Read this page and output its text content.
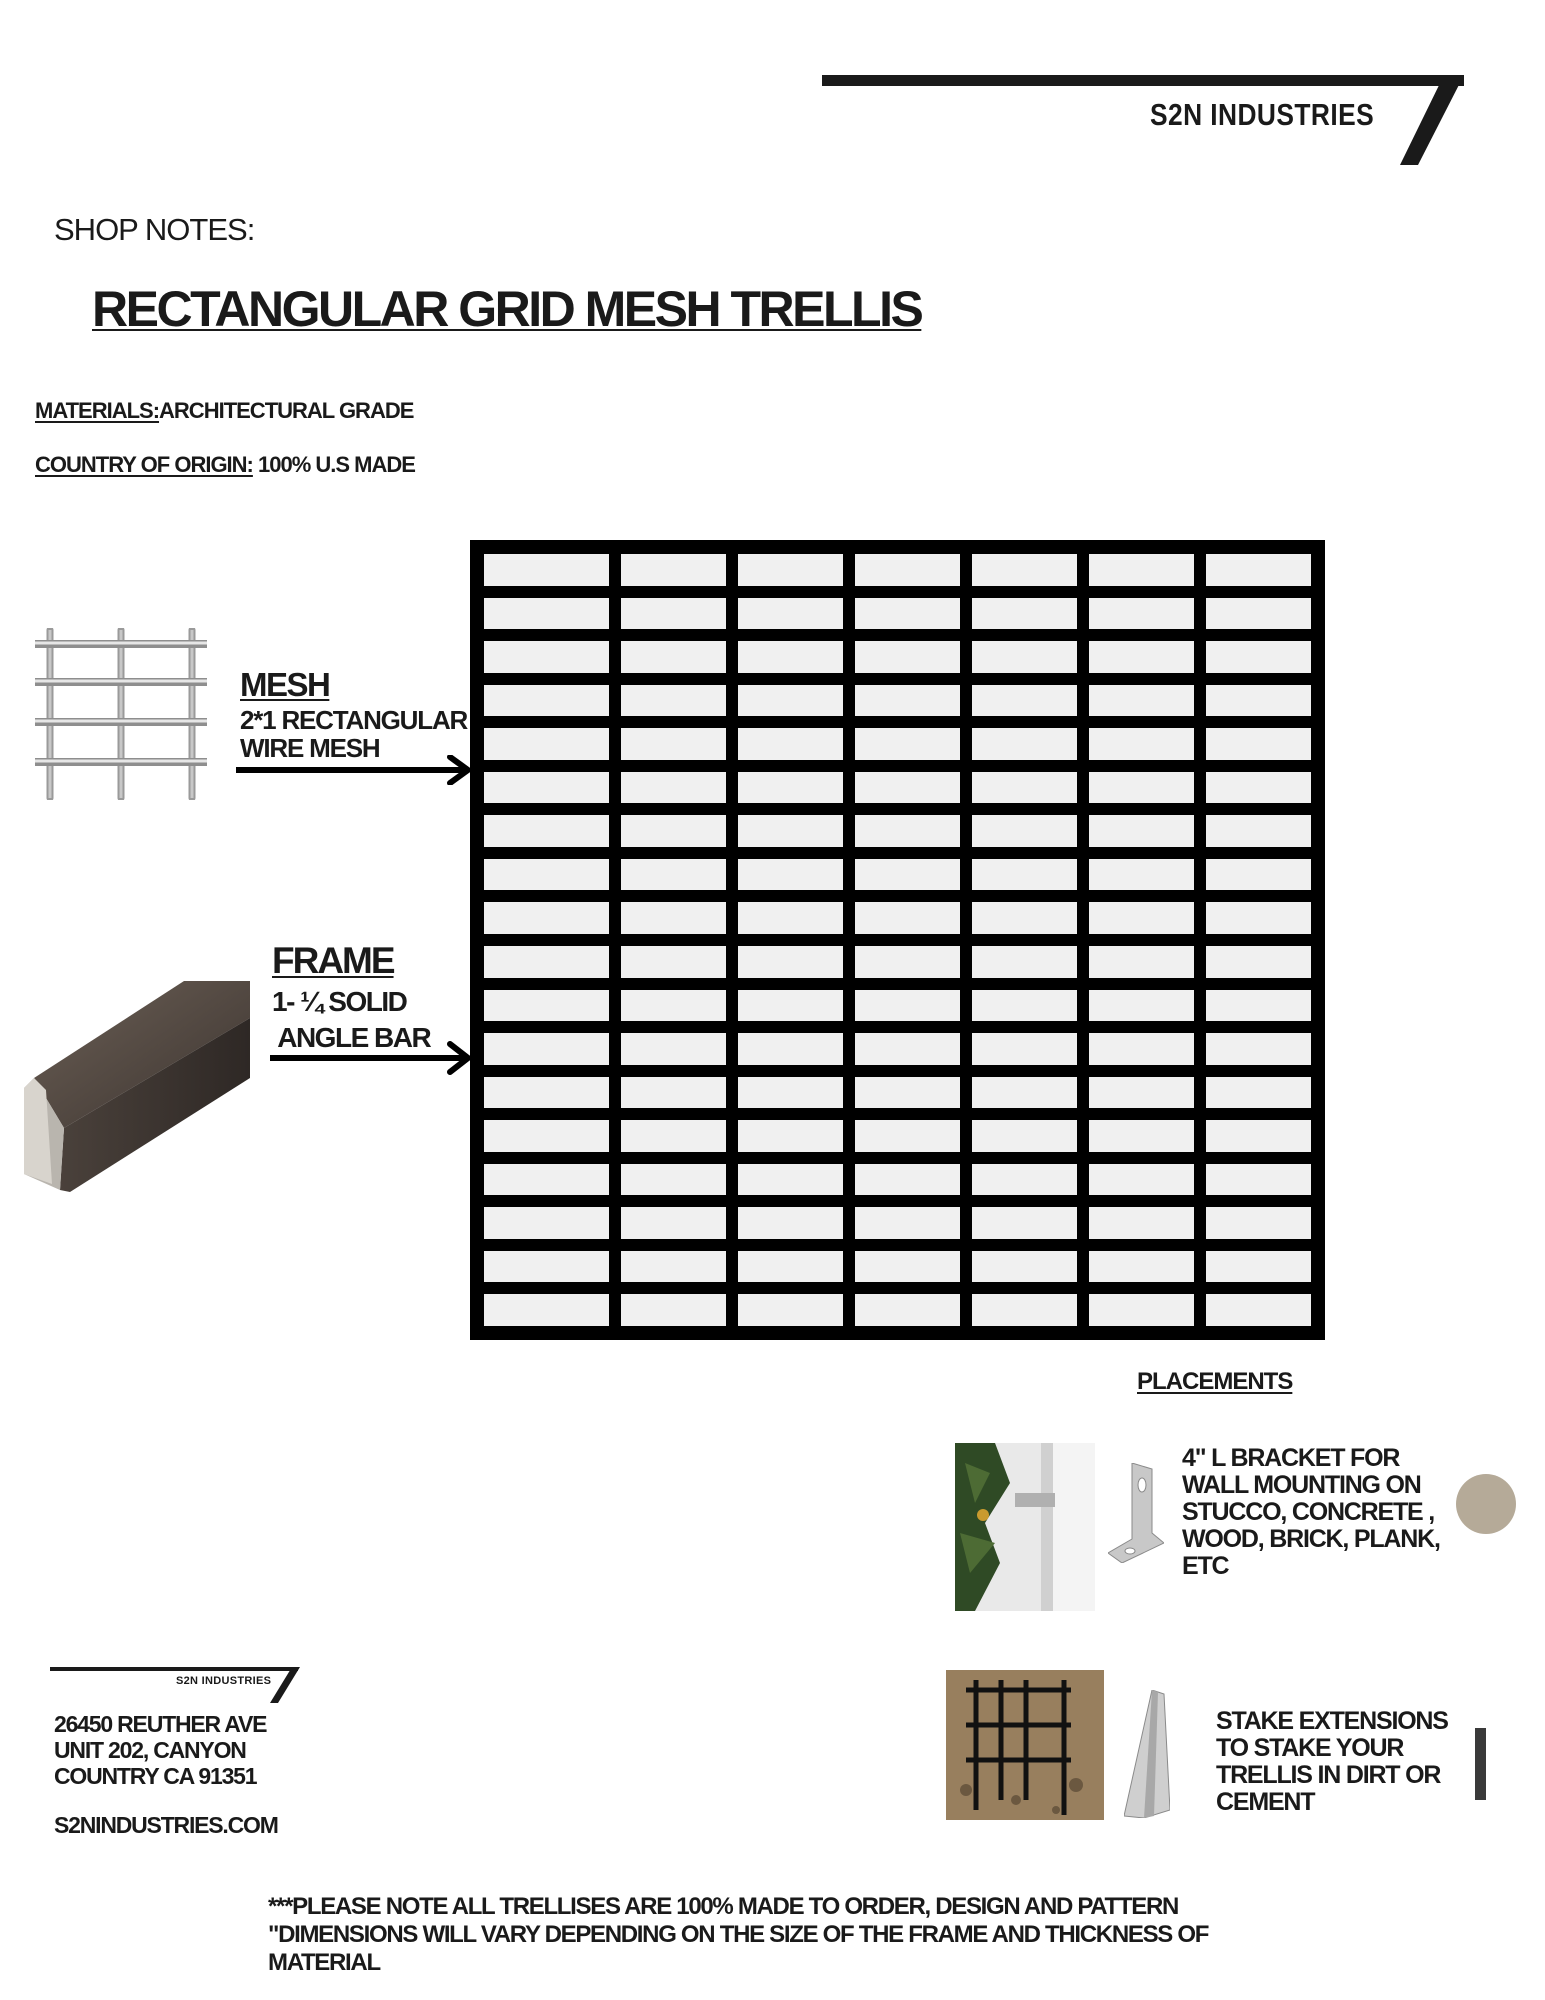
S2N INDUSTRIES
SHOP NOTES:
RECTANGULAR GRID MESH TRELLIS
MATERIALS:ARCHITECTURAL GRADE
COUNTRY OF ORIGIN: 100% U.S MADE
MESH
2*1 RECTANGULAR
WIRE MESH
FRAME
1- ¼ SOLID
ANGLE BAR
PLACEMENTS
4" L BRACKET FOR
WALL MOUNTING ON
STUCCO, CONCRETE ,
WOOD, BRICK, PLANK,
ETC
STAKE EXTENSIONS
TO STAKE YOUR
TRELLIS IN DIRT OR
CEMENT
S2N INDUSTRIES
26450 REUTHER AVE
UNIT 202, CANYON
COUNTRY CA 91351
S2NINDUSTRIES.COM
***PLEASE NOTE ALL TRELLISES ARE 100% MADE TO ORDER, DESIGN AND PATTERN
"DIMENSIONS WILL VARY DEPENDING ON THE SIZE OF THE FRAME AND THICKNESS OF
MATERIAL
